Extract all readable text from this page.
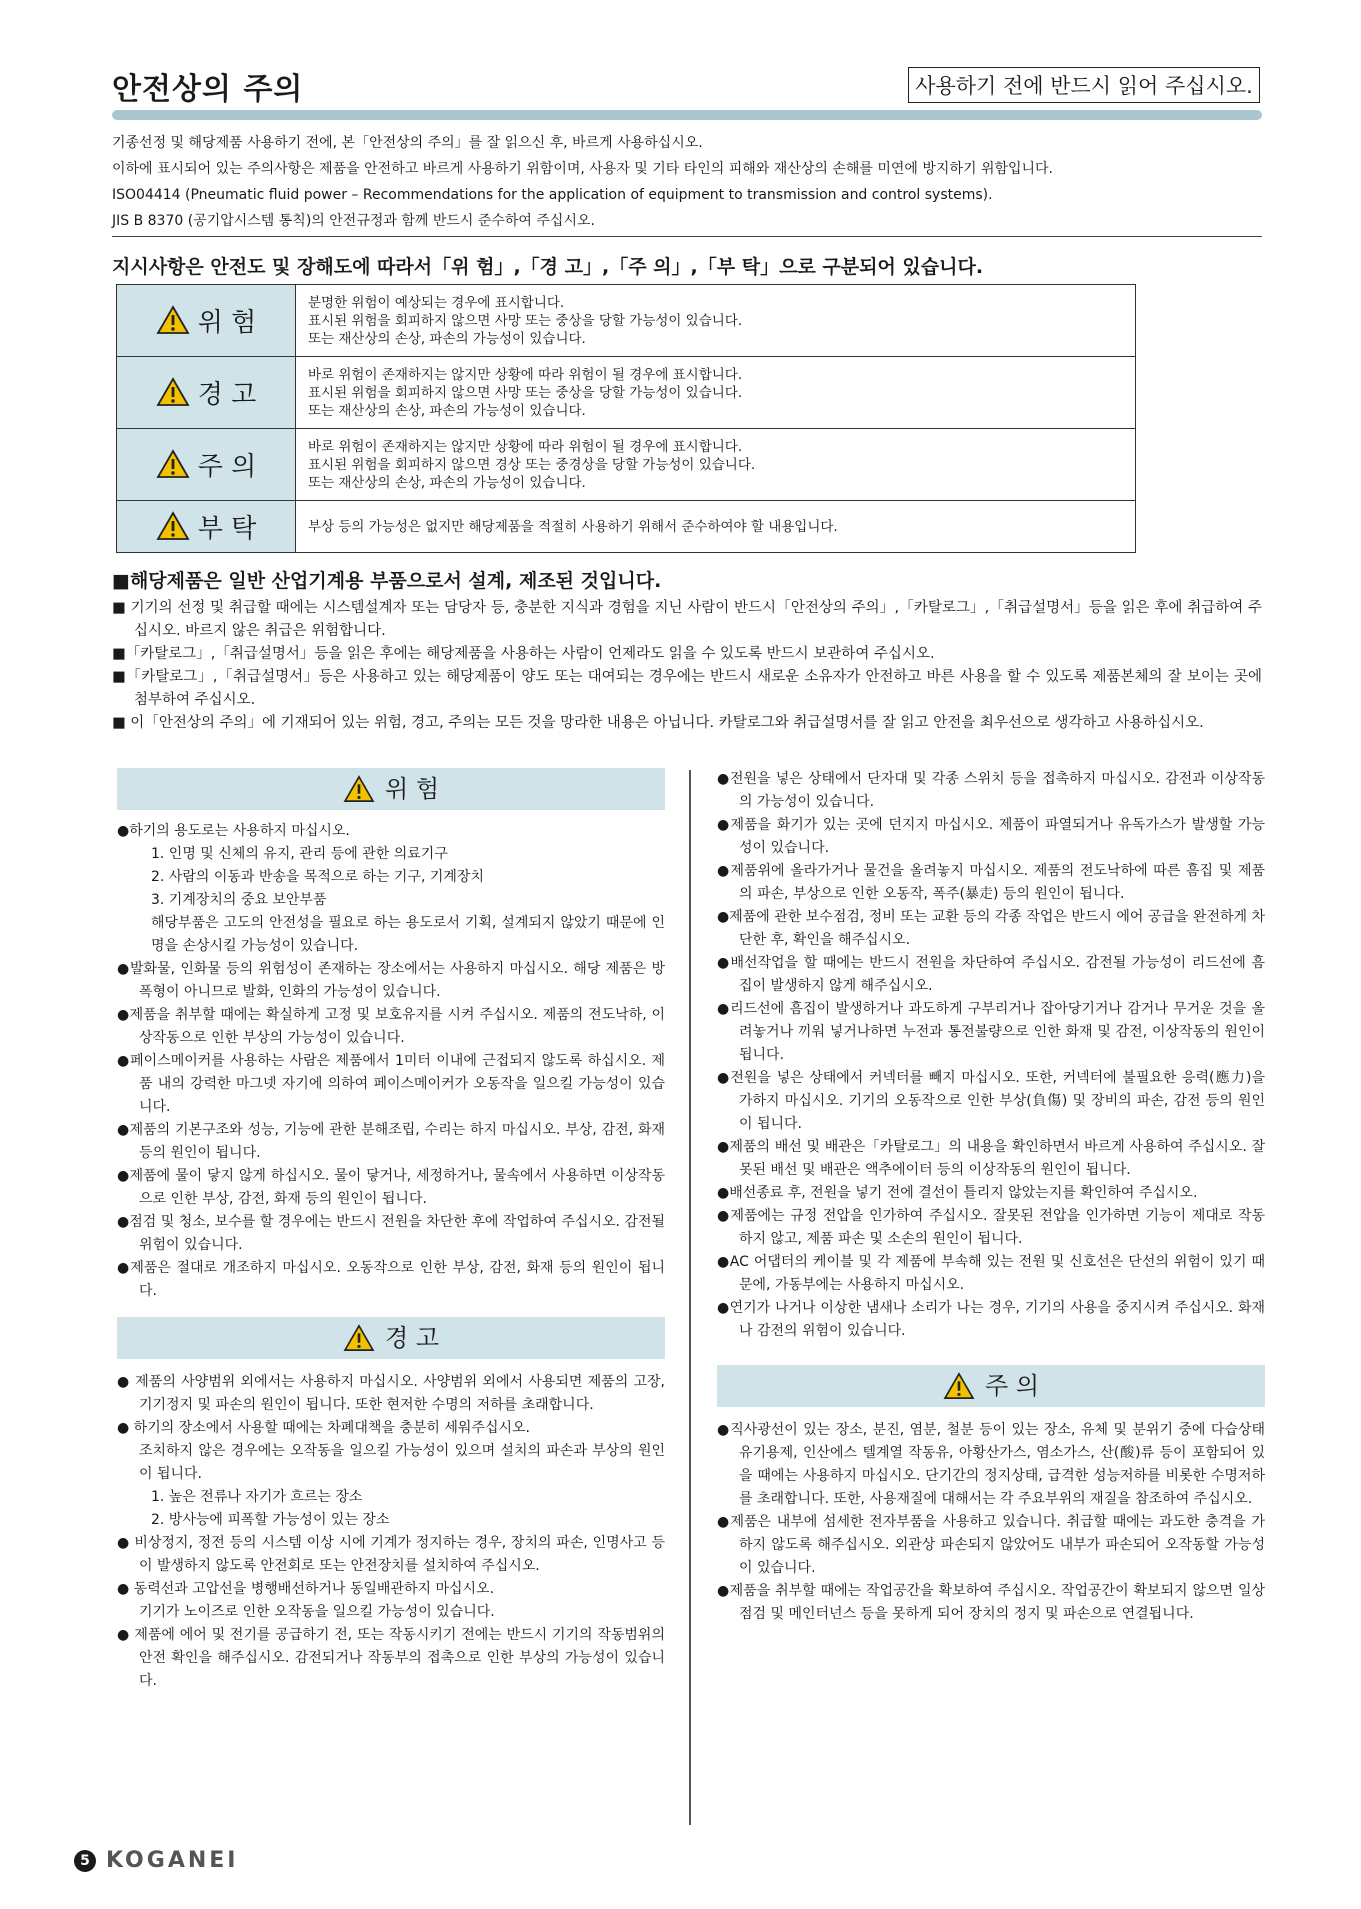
안전상의 주의	사용하기 전에 반드시 읽어 주십시오.
기종선정 및 해당제품 사용하기 전에, 본「안전상의 주의」를 잘 읽으신 후, 바르게 사용하십시오.
이하에 표시되어 있는 주의사항은 제품을 안전하고 바르게 사용하기 위함이며, 사용자 및 기타 타인의 피해와 재산상의 손해를 미연에 방지하기 위함입니다.
ISO04414 (Pneumatic fluid power – Recommendations for the application of equipment to transmission and control systems).
JIS B 8370 (공기압시스템 통칙)의 안전규정과 함께 반드시 준수하여 주십시오.
지시사항은 안전도 및 장해도에 따라서「위 험」,「경 고」,「주 의」,「부 탁」으로 구분되어 있습니다.
위 험	분명한 위험이 예상되는 경우에 표시합니다.
표시된 위험을 회피하지 않으면 사망 또는 중상을 당할 가능성이 있습니다.
또는 재산상의 손상, 파손의 가능성이 있습니다.

경 고	바로 위험이 존재하지는 않지만 상황에 따라 위험이 될 경우에 표시합니다.
표시된 위험을 회피하지 않으면 사망 또는 중상을 당할 가능성이 있습니다.
또는 재산상의 손상, 파손의 가능성이 있습니다.

주 의	바로 위험이 존재하지는 않지만 상황에 따라 위험이 될 경우에 표시합니다.
표시된 위험을 회피하지 않으면 경상 또는 중경상을 당할 가능성이 있습니다.
또는 재산상의 손상, 파손의 가능성이 있습니다.

부 탁	부상 등의 가능성은 없지만 해당제품을 적절히 사용하기 위해서 준수하여야 할 내용입니다.
■해당제품은 일반 산업기계용 부품으로서 설계, 제조된 것입니다.
■ 기기의 선정 및 취급할 때에는 시스템설계자 또는 담당자 등, 충분한 지식과 경험을 지닌 사람이 반드시「안전상의 주의」,「카탈로그」,「취급설명서」등을 읽은 후에 취급하여 주십시오. 바르지 않은 취급은 위험합니다.
■「카탈로그」,「취급설명서」등을 읽은 후에는 해당제품을 사용하는 사람이 언제라도 읽을 수 있도록 반드시 보관하여 주십시오.
■「카탈로그」,「취급설명서」등은 사용하고 있는 해당제품이 양도 또는 대여되는 경우에는 반드시 새로운 소유자가 안전하고 바른 사용을 할 수 있도록 제품본체의 잘 보이는 곳에 첨부하여 주십시오.
■ 이「안전상의 주의」에 기재되어 있는 위험, 경고, 주의는 모든 것을 망라한 내용은 아닙니다. 카탈로그와 취급설명서를 잘 읽고 안전을 최우선으로 생각하고 사용하십시오.
위 험
●하기의 용도로는 사용하지 마십시오.
1. 인명 및 신체의 유지, 관리 등에 관한 의료기구
2. 사람의 이동과 반송을 목적으로 하는 기구, 기계장치
3. 기계장치의 중요 보안부품
해당부품은 고도의 안전성을 필요로 하는 용도로서 기획, 설계되지 않았기 때문에 인명을 손상시킬 가능성이 있습니다.
●발화물, 인화물 등의 위험성이 존재하는 장소에서는 사용하지 마십시오. 해당 제품은 방폭형이 아니므로 발화, 인화의 가능성이 있습니다.
●제품을 취부할 때에는 확실하게 고정 및 보호유지를 시켜 주십시오. 제품의 전도낙하, 이상작동으로 인한 부상의 가능성이 있습니다.
●페이스메이커를 사용하는 사람은 제품에서 1미터 이내에 근접되지 않도록 하십시오. 제품 내의 강력한 마그넷 자기에 의하여 페이스메이커가 오동작을 일으킬 가능성이 있습니다.
●제품의 기본구조와 성능, 기능에 관한 분해조립, 수리는 하지 마십시오. 부상, 감전, 화재 등의 원인이 됩니다.
●제품에 물이 닿지 않게 하십시오. 물이 닿거나, 세정하거나, 물속에서 사용하면 이상작동으로 인한 부상, 감전, 화재 등의 원인이 됩니다.
●점검 및 청소, 보수를 할 경우에는 반드시 전원을 차단한 후에 작업하여 주십시오. 감전될 위험이 있습니다.
●제품은 절대로 개조하지 마십시오. 오동작으로 인한 부상, 감전, 화재 등의 원인이 됩니다.
경 고
● 제품의 사양범위 외에서는 사용하지 마십시오. 사양범위 외에서 사용되면 제품의 고장, 기기정지 및 파손의 원인이 됩니다. 또한 현저한 수명의 저하를 초래합니다.
● 하기의 장소에서 사용할 때에는 차폐대책을 충분히 세워주십시오.
조치하지 않은 경우에는 오작동을 일으킬 가능성이 있으며 설치의 파손과 부상의 원인이 됩니다.
1. 높은 전류나 자기가 흐르는 장소
2. 방사능에 피폭할 가능성이 있는 장소
● 비상정지, 정전 등의 시스템 이상 시에 기계가 정지하는 경우, 장치의 파손, 인명사고 등이 발생하지 않도록 안전회로 또는 안전장치를 설치하여 주십시오.
● 동력선과 고압선을 병행배선하거나 동일배관하지 마십시오.
기기가 노이즈로 인한 오작동을 일으킬 가능성이 있습니다.
● 제품에 에어 및 전기를 공급하기 전, 또는 작동시키기 전에는 반드시 기기의 작동범위의 안전 확인을 해주십시오. 감전되거나 작동부의 접촉으로 인한 부상의 가능성이 있습니다.
●전원을 넣은 상태에서 단자대 및 각종 스위치 등을 접촉하지 마십시오. 감전과 이상작동의 가능성이 있습니다.
●제품을 화기가 있는 곳에 던지지 마십시오. 제품이 파열되거나 유독가스가 발생할 가능성이 있습니다.
●제품위에 올라가거나 물건을 올려놓지 마십시오. 제품의 전도낙하에 따른 흠집 및 제품의 파손, 부상으로 인한 오동작, 폭주(暴走) 등의 원인이 됩니다.
●제품에 관한 보수점검, 정비 또는 교환 등의 각종 작업은 반드시 에어 공급을 완전하게 차단한 후, 확인을 해주십시오.
●배선작업을 할 때에는 반드시 전원을 차단하여 주십시오. 감전될 가능성이 리드선에 흠집이 발생하지 않게 해주십시오.
●리드선에 흠집이 발생하거나 과도하게 구부리거나 잡아당기거나 감거나 무거운 것을 올려놓거나 끼워 넣거나하면 누전과 통전불량으로 인한 화재 및 감전, 이상작동의 원인이 됩니다.
●전원을 넣은 상태에서 커넥터를 빼지 마십시오. 또한, 커넥터에 불필요한 응력(應力)을 가하지 마십시오. 기기의 오동작으로 인한 부상(負傷) 및 장비의 파손, 감전 등의 원인이 됩니다.
●제품의 배선 및 배관은「카탈로그」의 내용을 확인하면서 바르게 사용하여 주십시오. 잘못된 배선 및 배관은 액추에이터 등의 이상작동의 원인이 됩니다.
●배선종료 후, 전원을 넣기 전에 결선이 틀리지 않았는지를 확인하여 주십시오.
●제품에는 규정 전압을 인가하여 주십시오. 잘못된 전압을 인가하면 기능이 제대로 작동하지 않고, 제품 파손 및 소손의 원인이 됩니다.
●AC 어댑터의 케이블 및 각 제품에 부속해 있는 전원 및 신호선은 단선의 위험이 있기 때문에, 가동부에는 사용하지 마십시오.
●연기가 나거나 이상한 냄새나 소리가 나는 경우, 기기의 사용을 중지시켜 주십시오. 화재나 감전의 위험이 있습니다.
주 의
●직사광선이 있는 장소, 분진, 염분, 철분 등이 있는 장소, 유체 및 분위기 중에 다습상태 유기용제, 인산에스 텔계열 작동유, 아황산가스, 염소가스, 산(酸)류 등이 포함되어 있을 때에는 사용하지 마십시오. 단기간의 정지상태, 급격한 성능저하를 비롯한 수명저하를 초래합니다. 또한, 사용재질에 대해서는 각 주요부위의 재질을 참조하여 주십시오.
●제품은 내부에 섬세한 전자부품을 사용하고 있습니다. 취급할 때에는 과도한 충격을 가하지 않도록 해주십시오. 외관상 파손되지 않았어도 내부가 파손되어 오작동할 가능성이 있습니다.
●제품을 취부할 때에는 작업공간을 확보하여 주십시오. 작업공간이 확보되지 않으면 일상점검 및 메인터넌스 등을 못하게 되어 장치의 정지 및 파손으로 연결됩니다.
5 KOGANEI
